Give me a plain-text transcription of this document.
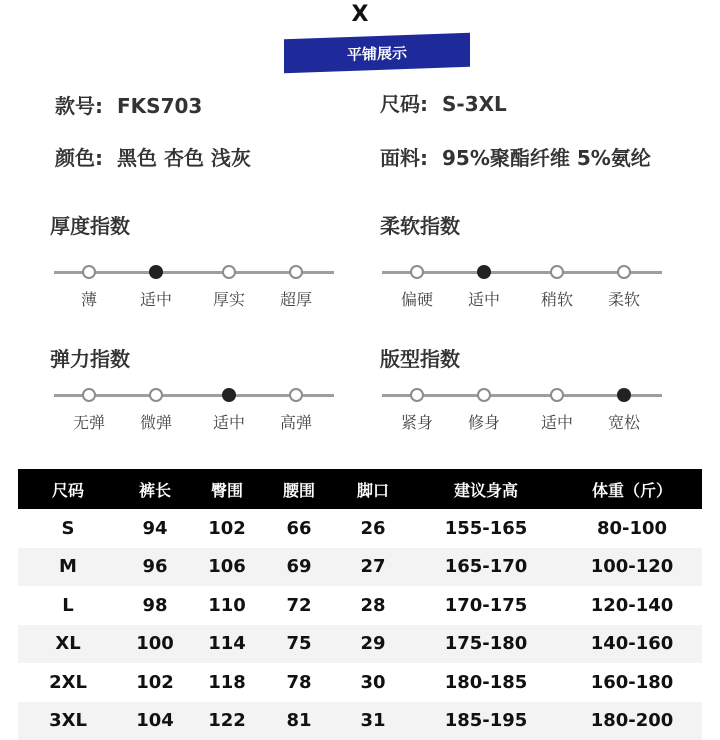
X
平铺展示
款号: FKS703	尺码: S-3XL
颜色: 黑色 杏色 浅灰	面料: 95%聚酯纤维 5%氨纶
厚度指数	柔软指数
弹力指数	版型指数
薄	适中	厚实	超厚	偏硬	适中	稍软	柔软
无弹	微弹	适中	高弹	紧身	修身	适中	宽松
尺码	裤长	臀围	腰围	脚口	建议身高	体重（斤）
S	94	102	66	26	155-165	80-100
M	96	106	69	27	165-170	100-120
L	98	110	72	28	170-175	120-140
XL	100	114	75	29	175-180	140-160
2XL	102	118	78	30	180-185	160-180
3XL	104	122	81	31	185-195	180-200
